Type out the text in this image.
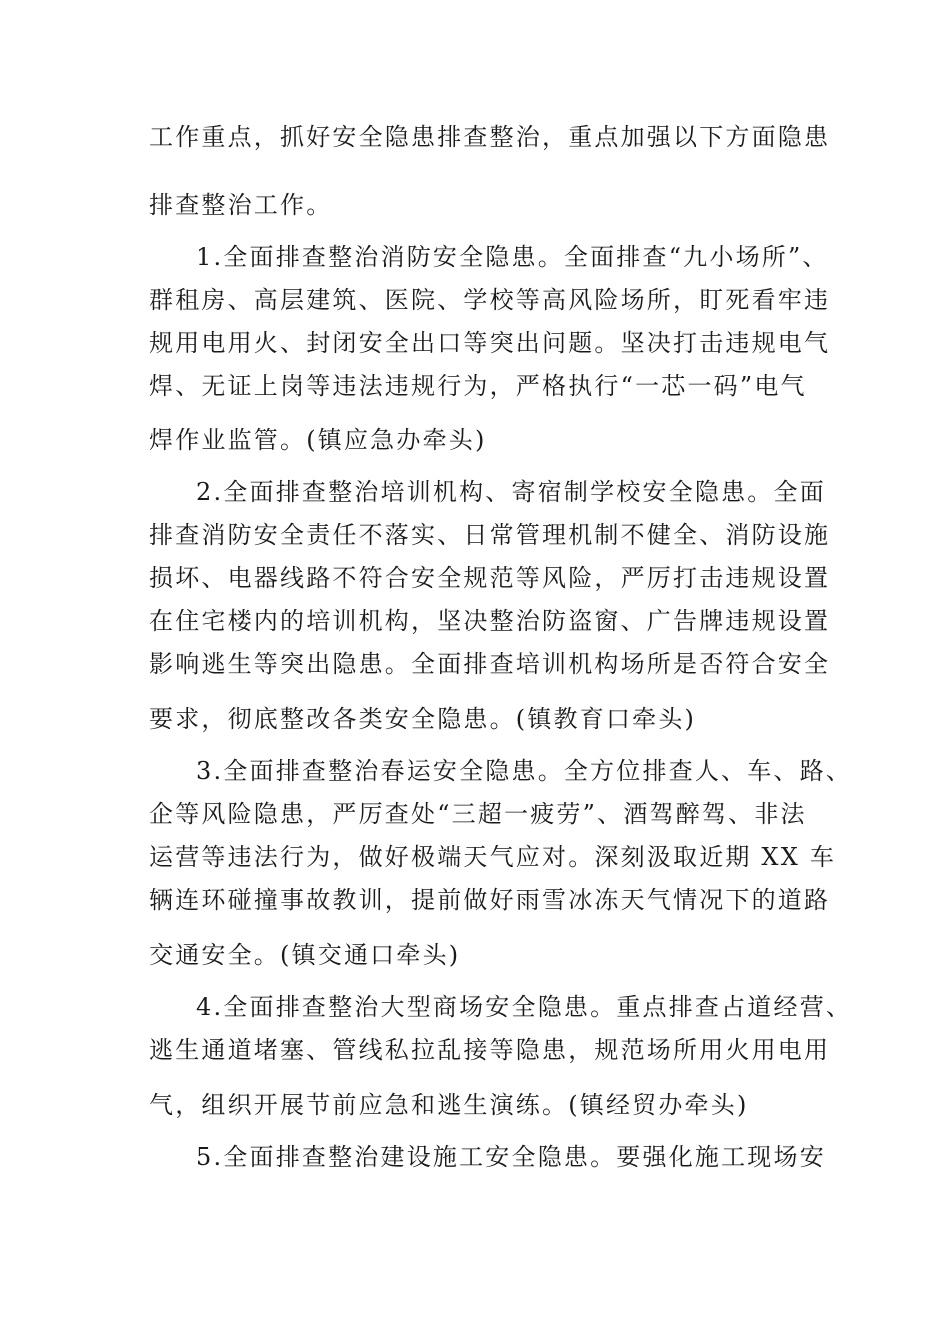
工作重点，抓好安全隐患排查整治，重点加强以下方面隐患
排查整治工作。
1.全面排查整治消防安全隐患。全面排查“九小场所”、
群租房、高层建筑、医院、学校等高风险场所，盯死看牢违
规用电用火、封闭安全出口等突出问题。坚决打击违规电气
焊、无证上岗等违法违规行为，严格执行“一芯一码”电气
焊作业监管。(镇应急办牵头)
2.全面排查整治培训机构、寄宿制学校安全隐患。全面
排查消防安全责任不落实、日常管理机制不健全、消防设施
损坏、电器线路不符合安全规范等风险，严厉打击违规设置
在住宅楼内的培训机构，坚决整治防盗窗、广告牌违规设置
影响逃生等突出隐患。全面排查培训机构场所是否符合安全
要求，彻底整改各类安全隐患。(镇教育口牵头)
3.全面排查整治春运安全隐患。全方位排查人、车、路、
企等风险隐患，严厉查处“三超一疲劳”、酒驾醉驾、非法
运营等违法行为，做好极端天气应对。深刻汲取近期 XX 车
辆连环碰撞事故教训，提前做好雨雪冰冻天气情况下的道路
交通安全。(镇交通口牵头)
4.全面排查整治大型商场安全隐患。重点排查占道经营、
逃生通道堵塞、管线私拉乱接等隐患，规范场所用火用电用
气，组织开展节前应急和逃生演练。(镇经贸办牵头)
5.全面排查整治建设施工安全隐患。要强化施工现场安
